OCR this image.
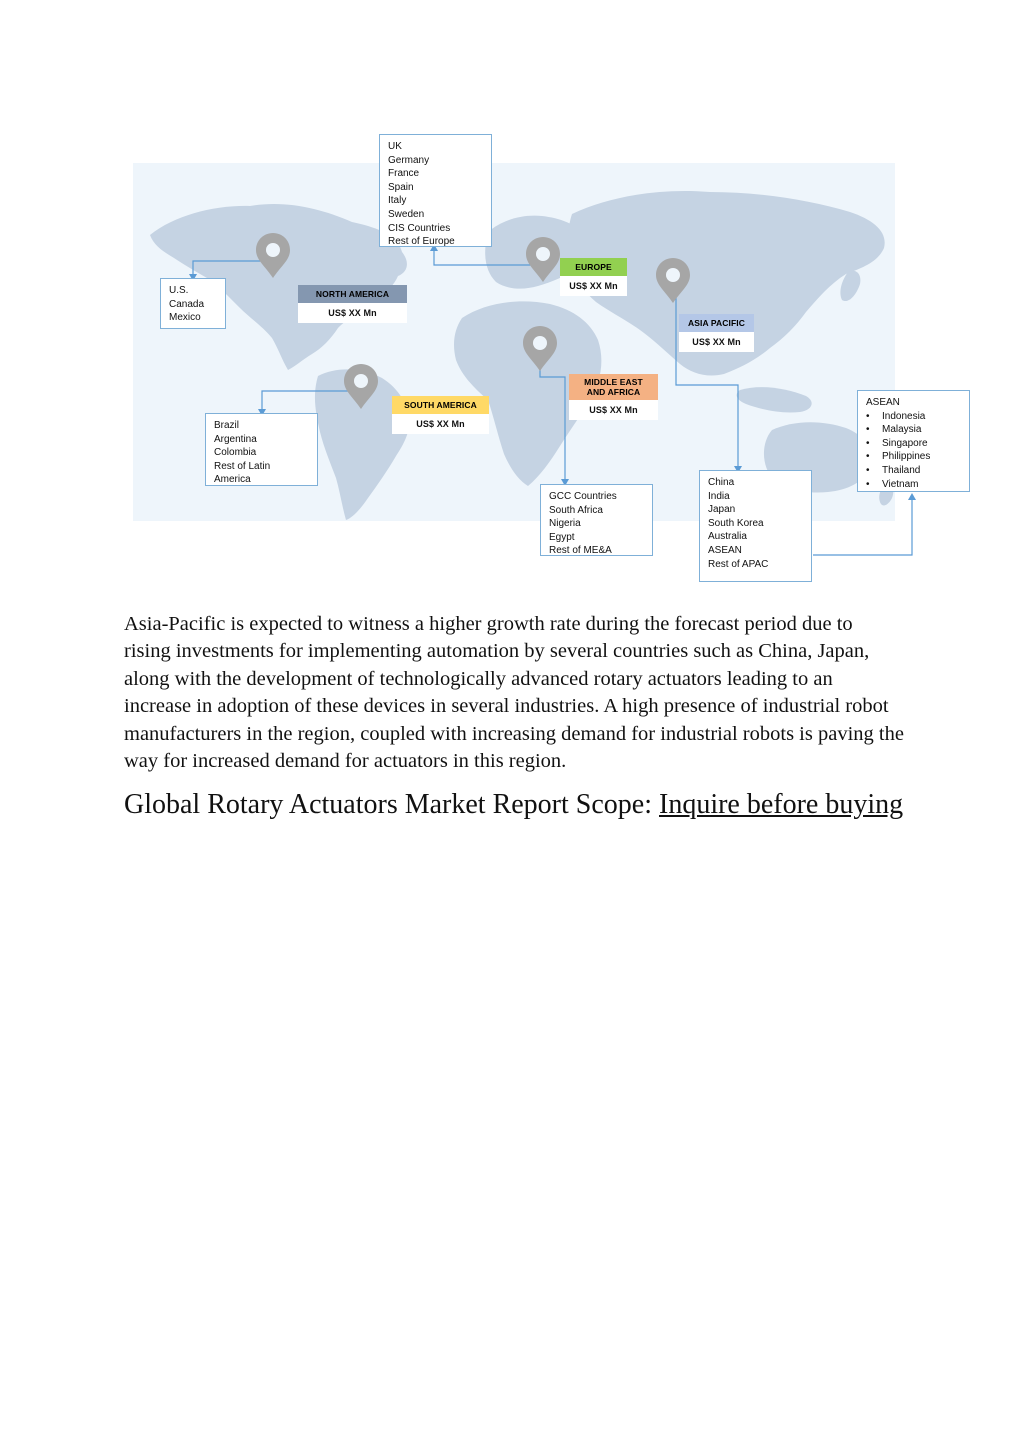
UK
Germany
France
Spain
Italy
Sweden
CIS Countries
Rest of Europe
U.S.
Canada
Mexico
Brazil
Argentina
Colombia
Rest of Latin
America
GCC Countries
South Africa
Nigeria
Egypt
Rest of ME&A
China
India
Japan
South Korea
Australia
ASEAN
Rest of APAC
ASEAN
• Indonesia
• Malaysia
• Singapore
• Philippines
• Thailand
• Vietnam
EUROPE
US$ XX Mn
NORTH AMERICA
US$ XX Mn
ASIA PACIFIC
US$ XX Mn
MIDDLE EAST
AND AFRICA
US$ XX Mn
SOUTH AMERICA
US$ XX Mn

Asia-Pacific is expected to witness a higher growth rate during the forecast period due to rising investments for implementing automation by several countries such as China, Japan, along with the development of technologically advanced rotary actuators leading to an increase in adoption of these devices in several industries. A high presence of industrial robot manufacturers in the region, coupled with increasing demand for industrial robots is paving the way for increased demand for actuators in this region.

Global Rotary Actuators Market Report Scope: Inquire before buying
